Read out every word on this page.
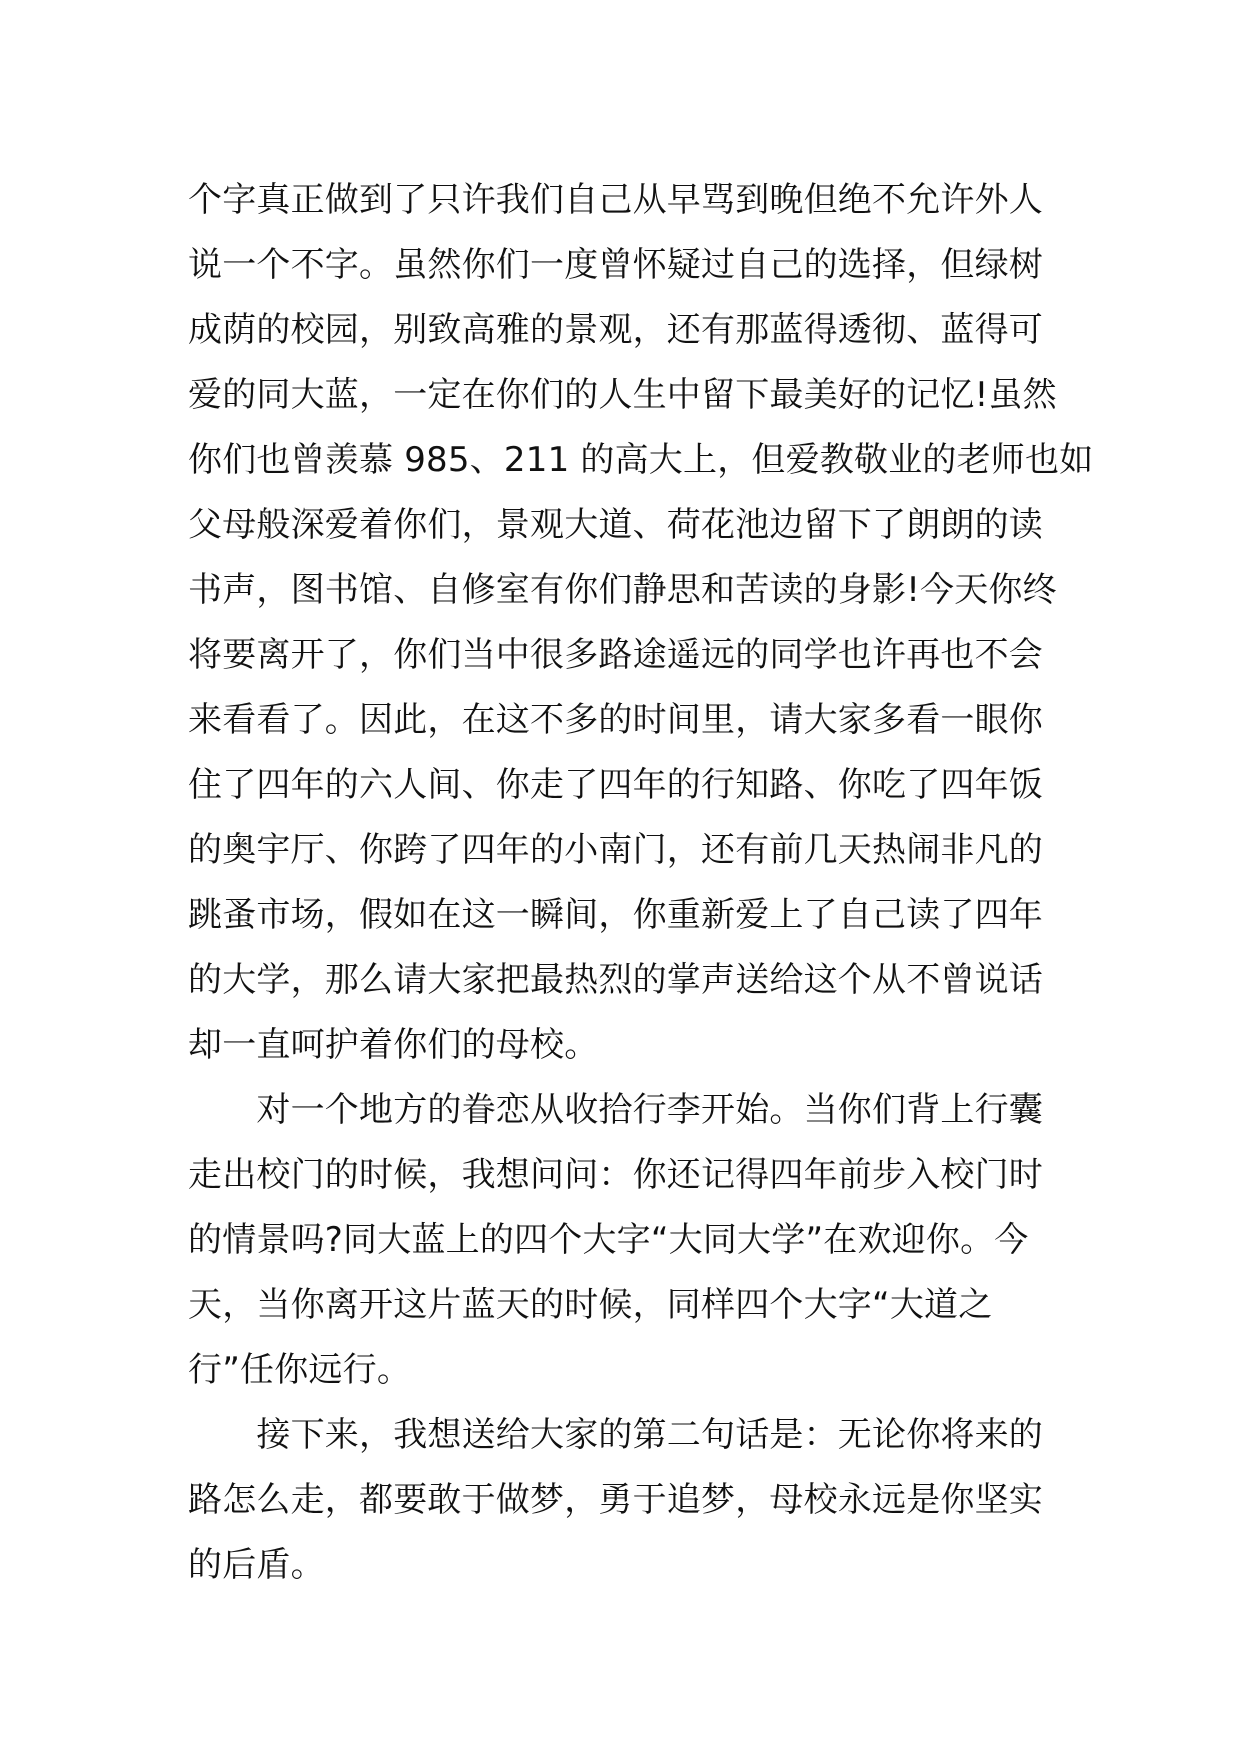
个字真正做到了只许我们自己从早骂到晚但绝不允许外人
说一个不字。虽然你们一度曾怀疑过自己的选择，但绿树
成荫的校园，别致高雅的景观，还有那蓝得透彻、蓝得可
爱的同大蓝，一定在你们的人生中留下最美好的记忆!虽然
你们也曾羡慕 985、211 的高大上，但爱教敬业的老师也如
父母般深爱着你们，景观大道、荷花池边留下了朗朗的读
书声，图书馆、自修室有你们静思和苦读的身影!今天你终
将要离开了，你们当中很多路途遥远的同学也许再也不会
来看看了。因此，在这不多的时间里，请大家多看一眼你
住了四年的六人间、你走了四年的行知路、你吃了四年饭
的奥宇厅、你跨了四年的小南门，还有前几天热闹非凡的
跳蚤市场，假如在这一瞬间，你重新爱上了自己读了四年
的大学，那么请大家把最热烈的掌声送给这个从不曾说话
却一直呵护着你们的母校。
　　对一个地方的眷恋从收拾行李开始。当你们背上行囊
走出校门的时候，我想问问：你还记得四年前步入校门时
的情景吗?同大蓝上的四个大字“大同大学”在欢迎你。今
天，当你离开这片蓝天的时候，同样四个大字“大道之
行”任你远行。
　　接下来，我想送给大家的第二句话是：无论你将来的
路怎么走，都要敢于做梦，勇于追梦，母校永远是你坚实
的后盾。
